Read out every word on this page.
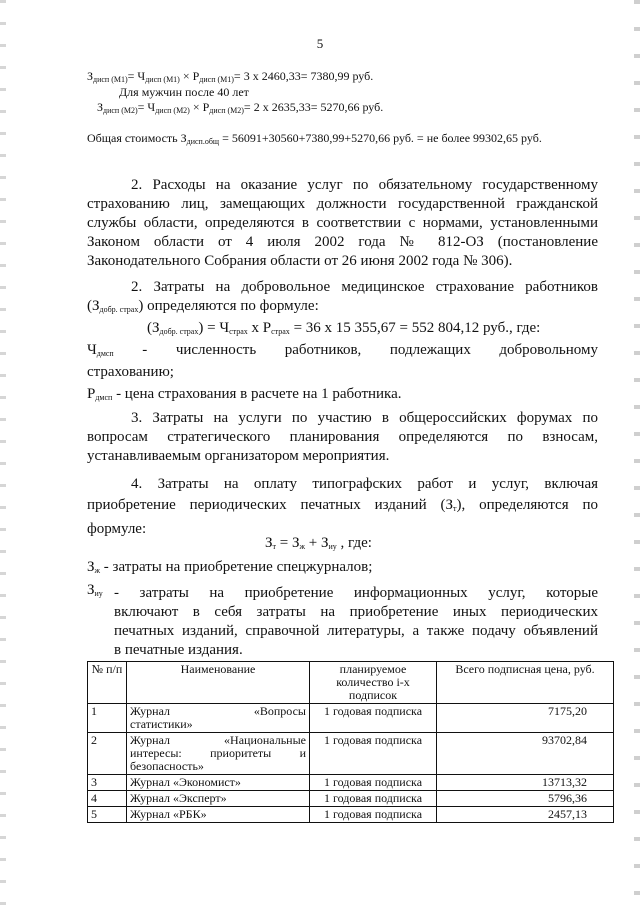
5
$З_{дисп (М1)}= Ч_{дисп (М1)} \times Р_{дисп (М1)}= 3$ х 2460,33= 7380,99 руб.
Для мужчин после 40 лет
$З_{дисп (М2)}= Ч_{дисп (М2)} \times Р_{дисп (М2)}= 2$ х 2635,33= 5270,66 руб.
Общая стоимость $З_{дисп.общ} = 56091+30560+7380,99+5270,66$ руб. = не более 99302,65 руб.
2. Расходы на оказание услуг по обязательному государственному
страхованию лиц, замещающих должности государственной гражданской
службы области, определяются в соответствии с нормами, установленными
Законом области от 4 июля 2002 года № 812-ОЗ (постановление
Законодательного Собрания области от 26 июня 2002 года № 306).
2. Затраты на добровольное медицинское страхование работников
$(З_{добр. страх})$ определяются по формуле:
$(З_{добр. страх}) = Ч_{страх}$ х $Р_{страх} = 36$ х 15 355,67 = 552 804,12 руб., где:
$Ч_{дмсп}$ - численность работников, подлежащих добровольному
страхованию;
$Р_{дмсп}$ - цена страхования в расчете на 1 работника.
3. Затраты на услуги по участию в общероссийских форумах по
вопросам стратегического планирования определяются по взносам,
устанавливаемым организатором мероприятия.
4. Затраты на оплату типографских работ и услуг, включая
приобретение периодических печатных изданий $(З_т)$, определяются по
формуле:
$З_т = З_ж + З_{иу}$ , где:
$З_ж$ - затраты на приобретение спецжурналов;
$З_{иу}$ - затраты на приобретение информационных услуг, которые
включают в себя затраты на приобретение иных периодических
печатных изданий, справочной литературы, а также подачу объявлений
в печатные издания.
№ п/п	Наименование	планируемое количество i-х подписок	Всего подписная цена, руб.
1	Журнал «Вопросы
статистики»	1 годовая подписка	7175,20
2	Журнал «Национальные
интересы: приоритеты и безопасность»	1 годовая подписка	93702,84
3	Журнал «Экономист»	1 годовая подписка	13713,32
4	Журнал «Эксперт»	1 годовая подписка	5796,36
5	Журнал «РБК»	1 годовая подписка	2457,13
